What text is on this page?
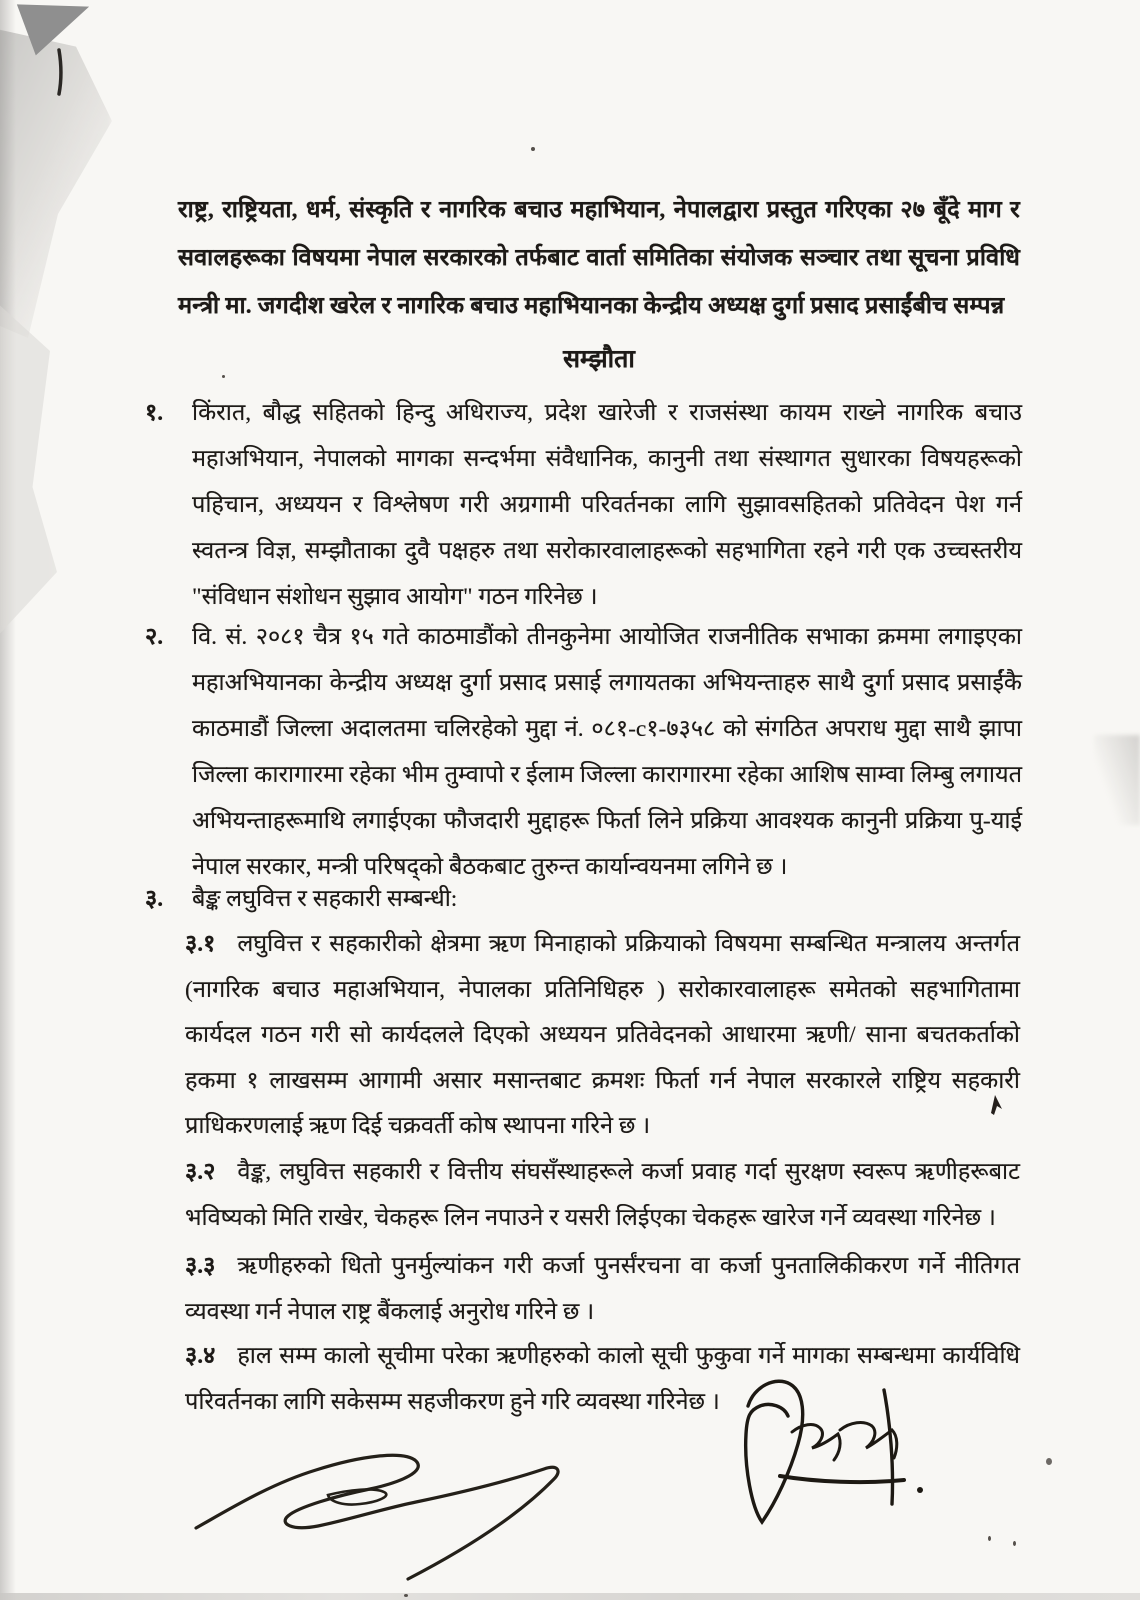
राष्ट्र, राष्ट्रियता, धर्म, संस्कृति र नागरिक बचाउ महाभियान, नेपालद्वारा प्रस्तुत गरिएका २७ बूँदे माग र सवालहरूका विषयमा नेपाल सरकारको तर्फबाट वार्ता समितिका संयोजक सञ्चार तथा सूचना प्रविधि मन्त्री मा. जगदीश खरेल र नागरिक बचाउ महाभियानका केन्द्रीय अध्यक्ष दुर्गा प्रसाद प्रसाईंबीच सम्पन्न
सम्झौता
१. किंरात, बौद्ध सहितको हिन्दु अधिराज्य, प्रदेश खारेजी र राजसंस्था कायम राख्ने नागरिक बचाउ महाअभियान, नेपालको मागका सन्दर्भमा संवैधानिक, कानुनी तथा संस्थागत सुधारका विषयहरूको पहिचान, अध्ययन र विश्लेषण गरी अग्रगामी परिवर्तनका लागि सुझावसहितको प्रतिवेदन पेश गर्न स्वतन्त्र विज्ञ, सम्झौताका दुवै पक्षहरु तथा सरोकारवालाहरूको सहभागिता रहने गरी एक उच्चस्तरीय "संविधान संशोधन सुझाव आयोग" गठन गरिनेछ ।
२. वि. सं. २०८१ चैत्र १५ गते काठमाडौंको तीनकुनेमा आयोजित राजनीतिक सभाका क्रममा लगाइएका महाअभियानका केन्द्रीय अध्यक्ष दुर्गा प्रसाद प्रसाई लगायतका अभियन्ताहरु साथै दुर्गा प्रसाद प्रसाईंकै काठमाडौं जिल्ला अदालतमा चलिरहेको मुद्दा नं. ०८१-c१-७३५८ को संगठित अपराध मुद्दा साथै झापा जिल्ला कारागारमा रहेका भीम तुम्वापो र ईलाम जिल्ला कारागारमा रहेका आशिष साम्वा लिम्बु लगायत अभियन्ताहरूमाथि लगाईएका फौजदारी मुद्दाहरू फिर्ता लिने प्रक्रिया आवश्यक कानुनी प्रक्रिया पु-याई नेपाल सरकार, मन्त्री परिषद्को बैठकबाट तुरुन्त कार्यान्वयनमा लगिने छ ।
३. बैङ्क लघुवित्त र सहकारी सम्बन्धी:
३.१ लघुवित्त र सहकारीको क्षेत्रमा ऋण मिनाहाको प्रक्रियाको विषयमा सम्बन्धित मन्त्रालय अन्तर्गत (नागरिक बचाउ महाअभियान, नेपालका प्रतिनिधिहरु ) सरोकारवालाहरू समेतको सहभागितामा कार्यदल गठन गरी सो कार्यदलले दिएको अध्ययन प्रतिवेदनको आधारमा ऋणी/ साना बचतकर्ताको हकमा १ लाखसम्म आगामी असार मसान्तबाट क्रमशः फिर्ता गर्न नेपाल सरकारले राष्ट्रिय सहकारी प्राधिकरणलाई ऋण दिई चक्रवर्ती कोष स्थापना गरिने छ ।
३.२ वैङ्क, लघुवित्त सहकारी र वित्तीय संघसँस्थाहरूले कर्जा प्रवाह गर्दा सुरक्षण स्वरूप ऋणीहरूबाट भविष्यको मिति राखेर, चेकहरू लिन नपाउने र यसरी लिईएका चेकहरू खारेज गर्ने व्यवस्था गरिनेछ ।
३.३ ऋणीहरुको धितो पुनर्मुल्यांकन गरी कर्जा पुनर्संरचना वा कर्जा पुनतालिकीकरण गर्ने नीतिगत व्यवस्था गर्न नेपाल राष्ट्र बैंकलाई अनुरोध गरिने छ ।
३.४ हाल सम्म कालो सूचीमा परेका ऋणीहरुको कालो सूची फुकुवा गर्ने मागका सम्बन्धमा कार्यविधि परिवर्तनका लागि सकेसम्म सहजीकरण हुने गरि व्यवस्था गरिनेछ ।
